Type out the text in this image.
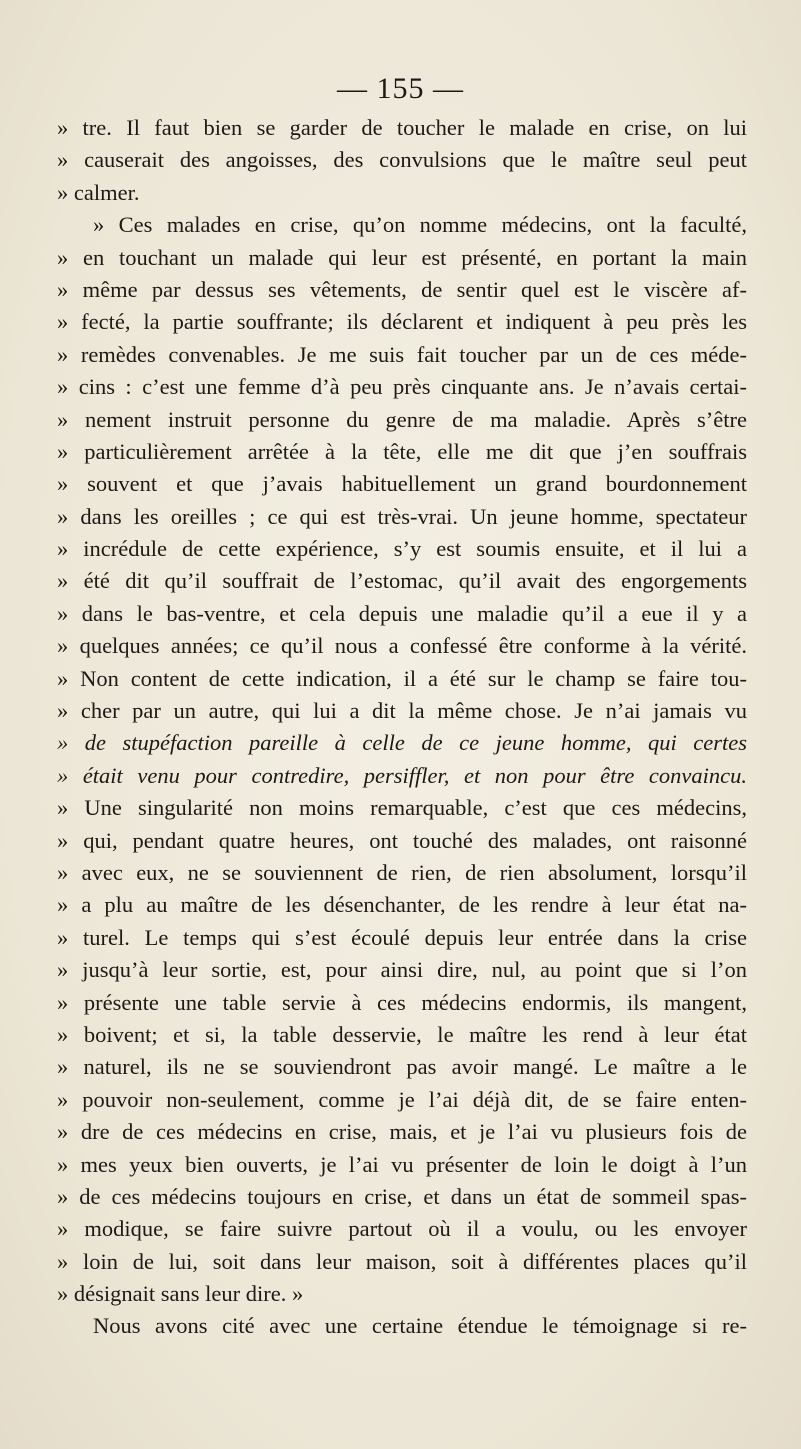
— 155 —
» tre. Il faut bien se garder de toucher le malade en crise, on lui
» causerait des angoisses, des convulsions que le maître seul peut
» calmer.
» Ces malades en crise, qu’on nomme médecins, ont la faculté,
» en touchant un malade qui leur est présenté, en portant la main
» même par dessus ses vêtements, de sentir quel est le viscère af-
» fecté, la partie souffrante; ils déclarent et indiquent à peu près les
» remèdes convenables. Je me suis fait toucher par un de ces méde-
» cins : c’est une femme d’à peu près cinquante ans. Je n’avais certai-
» nement instruit personne du genre de ma maladie. Après s’être
» particulièrement arrêtée à la tête, elle me dit que j’en souffrais
» souvent et que j’avais habituellement un grand bourdonnement
» dans les oreilles ; ce qui est très-vrai. Un jeune homme, spectateur
» incrédule de cette expérience, s’y est soumis ensuite, et il lui a
» été dit qu’il souffrait de l’estomac, qu’il avait des engorgements
» dans le bas-ventre, et cela depuis une maladie qu’il a eue il y a
» quelques années; ce qu’il nous a confessé être conforme à la vérité.
» Non content de cette indication, il a été sur le champ se faire tou-
» cher par un autre, qui lui a dit la même chose. Je n’ai jamais vu
» de stupéfaction pareille à celle de ce jeune homme, qui certes
» était venu pour contredire, persiffler, et non pour être convaincu.
» Une singularité non moins remarquable, c’est que ces médecins,
» qui, pendant quatre heures, ont touché des malades, ont raisonné
» avec eux, ne se souviennent de rien, de rien absolument, lorsqu’il
» a plu au maître de les désenchanter, de les rendre à leur état na-
» turel. Le temps qui s’est écoulé depuis leur entrée dans la crise
» jusqu’à leur sortie, est, pour ainsi dire, nul, au point que si l’on
» présente une table servie à ces médecins endormis, ils mangent,
» boivent; et si, la table desservie, le maître les rend à leur état
» naturel, ils ne se souviendront pas avoir mangé. Le maître a le
» pouvoir non-seulement, comme je l’ai déjà dit, de se faire enten-
» dre de ces médecins en crise, mais, et je l’ai vu plusieurs fois de
» mes yeux bien ouverts, je l’ai vu présenter de loin le doigt à l’un
» de ces médecins toujours en crise, et dans un état de sommeil spas-
» modique, se faire suivre partout où il a voulu, ou les envoyer
» loin de lui, soit dans leur maison, soit à différentes places qu’il
» désignait sans leur dire. »
Nous avons cité avec une certaine étendue le témoignage si re-
